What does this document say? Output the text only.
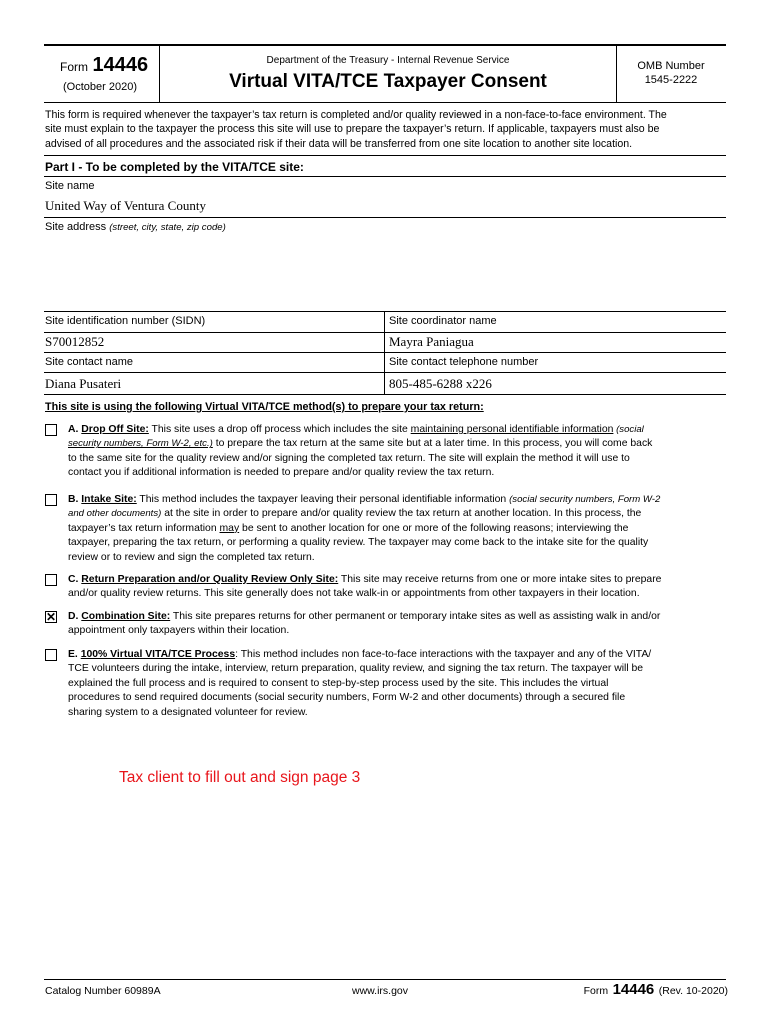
Form 14446
(October 2020)
Department of the Treasury - Internal Revenue Service
Virtual VITA/TCE Taxpayer Consent
OMB Number
1545-2222
This form is required whenever the taxpayer’s tax return is completed and/or quality reviewed in a non-face-to-face environment. The
site must explain to the taxpayer the process this site will use to prepare the taxpayer’s return. If applicable, taxpayers must also be
advised of all procedures and the associated risk if their data will be transferred from one site location to another site location.
Part I - To be completed by the VITA/TCE site:
Site name
United Way of Ventura County
Site address (street, city, state, zip code)
Site identification number (SIDN)	Site coordinator name
S70012852	Mayra Paniagua
Site contact name	Site contact telephone number
Diana Pusateri	805-485-6288 x226
This site is using the following Virtual VITA/TCE method(s) to prepare your tax return:
A. Drop Off Site: This site uses a drop off process which includes the site maintaining personal identifiable information (social
security numbers, Form W-2, etc.) to prepare the tax return at the same site but at a later time. In this process, you will come back
to the same site for the quality review and/or signing the completed tax return. The site will explain the method it will use to
contact you if additional information is needed to prepare and/or quality review the tax return.
B. Intake Site: This method includes the taxpayer leaving their personal identifiable information (social security numbers, Form W-2
and other documents) at the site in order to prepare and/or quality review the tax return at another location. In this process, the
taxpayer’s tax return information may be sent to another location for one or more of the following reasons; interviewing the
taxpayer, preparing the tax return, or performing a quality review. The taxpayer may come back to the intake site for the quality
review or to review and sign the completed tax return.
C. Return Preparation and/or Quality Review Only Site: This site may receive returns from one or more intake sites to prepare
and/or quality review returns. This site generally does not take walk-in or appointments from other taxpayers in their location.
✕ D. Combination Site: This site prepares returns for other permanent or temporary intake sites as well as assisting walk in and/or
appointment only taxpayers within their location.
E. 100% Virtual VITA/TCE Process: This method includes non face-to-face interactions with the taxpayer and any of the VITA/
TCE volunteers during the intake, interview, return preparation, quality review, and signing the tax return. The taxpayer will be
explained the full process and is required to consent to step-by-step process used by the site. This includes the virtual
procedures to send required documents (social security numbers, Form W-2 and other documents) through a secured file
sharing system to a designated volunteer for review.
Tax client to fill out and sign page 3
Catalog Number 60989A	www.irs.gov	Form 14446 (Rev. 10-2020)
